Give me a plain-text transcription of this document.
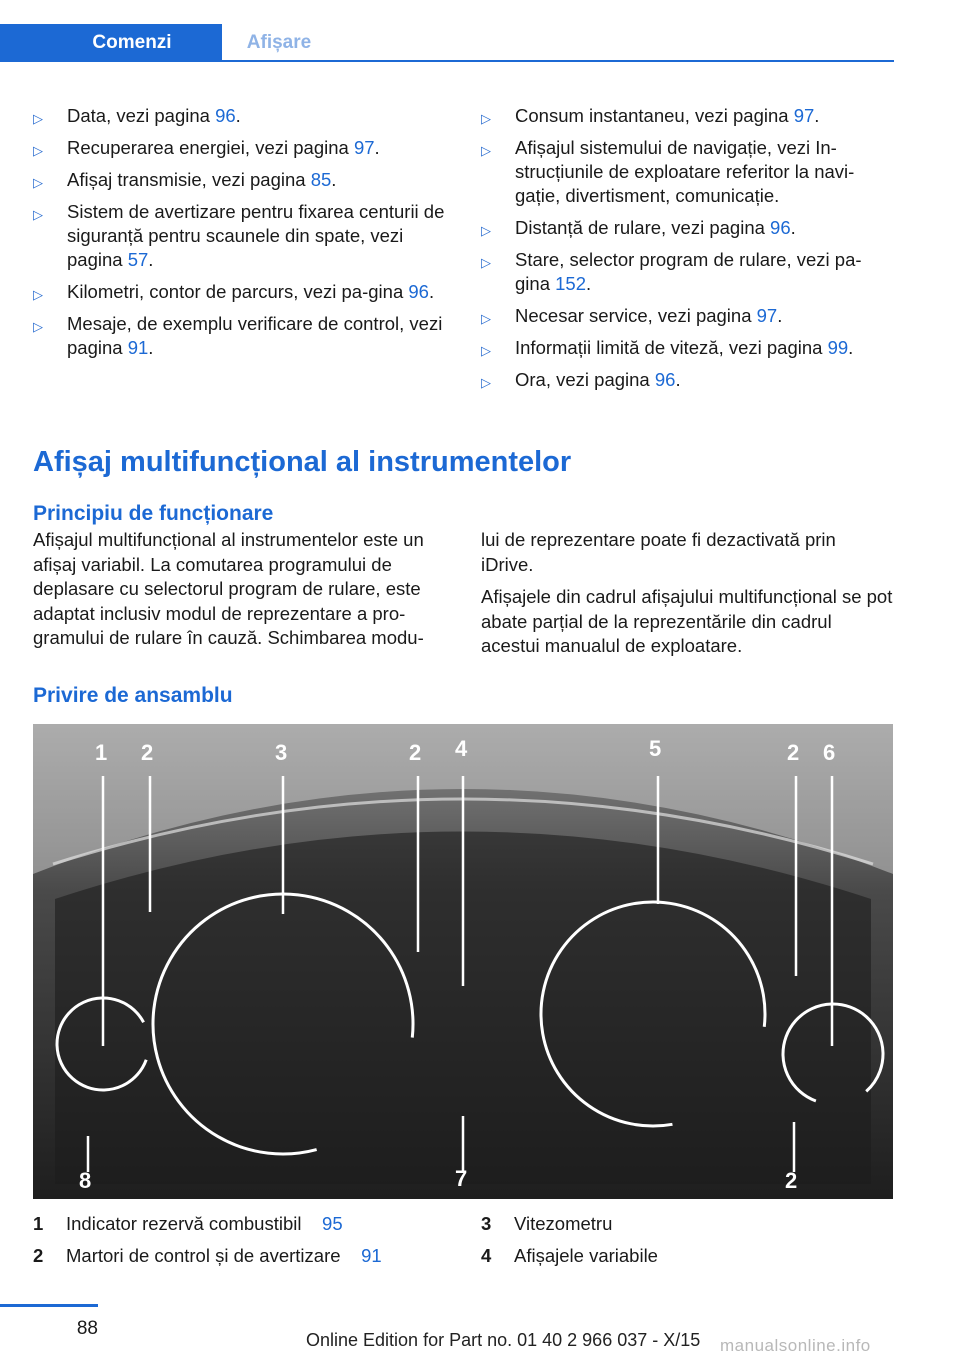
Comenzi	Afișare
▷ Data, vezi pagina 96.
▷ Recuperarea energiei, vezi pagina 97.
▷ Afișaj transmisie, vezi pagina 85.
▷ Sistem de avertizare pentru fixarea centurii de siguranță pentru scaunele din spate, vezi pagina 57.
▷ Kilometri, contor de parcurs, vezi pa‐gina 96.
▷ Mesaje, de exemplu verificare de control, vezi pagina 91.
▷ Consum instantaneu, vezi pagina 97.
▷ Afișajul sistemului de navigație, vezi In‐strucțiunile de exploatare referitor la navi‐gație, divertisment, comunicație.
▷ Distanță de rulare, vezi pagina 96.
▷ Stare, selector program de rulare, vezi pa‐gina 152.
▷ Necesar service, vezi pagina 97.
▷ Informații limită de viteză, vezi pagina 99.
▷ Ora, vezi pagina 96.
Afișaj multifuncțional al instrumentelor
Principiu de funcționare
Afișajul multifuncțional al instrumentelor este un afișaj variabil. La comutarea programului de deplasare cu selectorul program de rulare, este adaptat inclusiv modul de reprezentare a pro‐gramului de rulare în cauză. Schimbarea modu‐

lui de reprezentare poate fi dezactivată prin iDrive.

Afișajele din cadrul afișajului multifuncțional se pot abate parțial de la reprezentările din cadrul acestui manualul de exploatare.

Privire de ansamblu
1 2	3	2 4	5	2 6
8	7	2
1 Indicator rezervă combustibil 95
2 Martori de control și de avertizare 91
3 Vitezometru
4 Afișajele variabile
88
Online Edition for Part no. 01 40 2 966 037 - X/15 manualsonline.info
